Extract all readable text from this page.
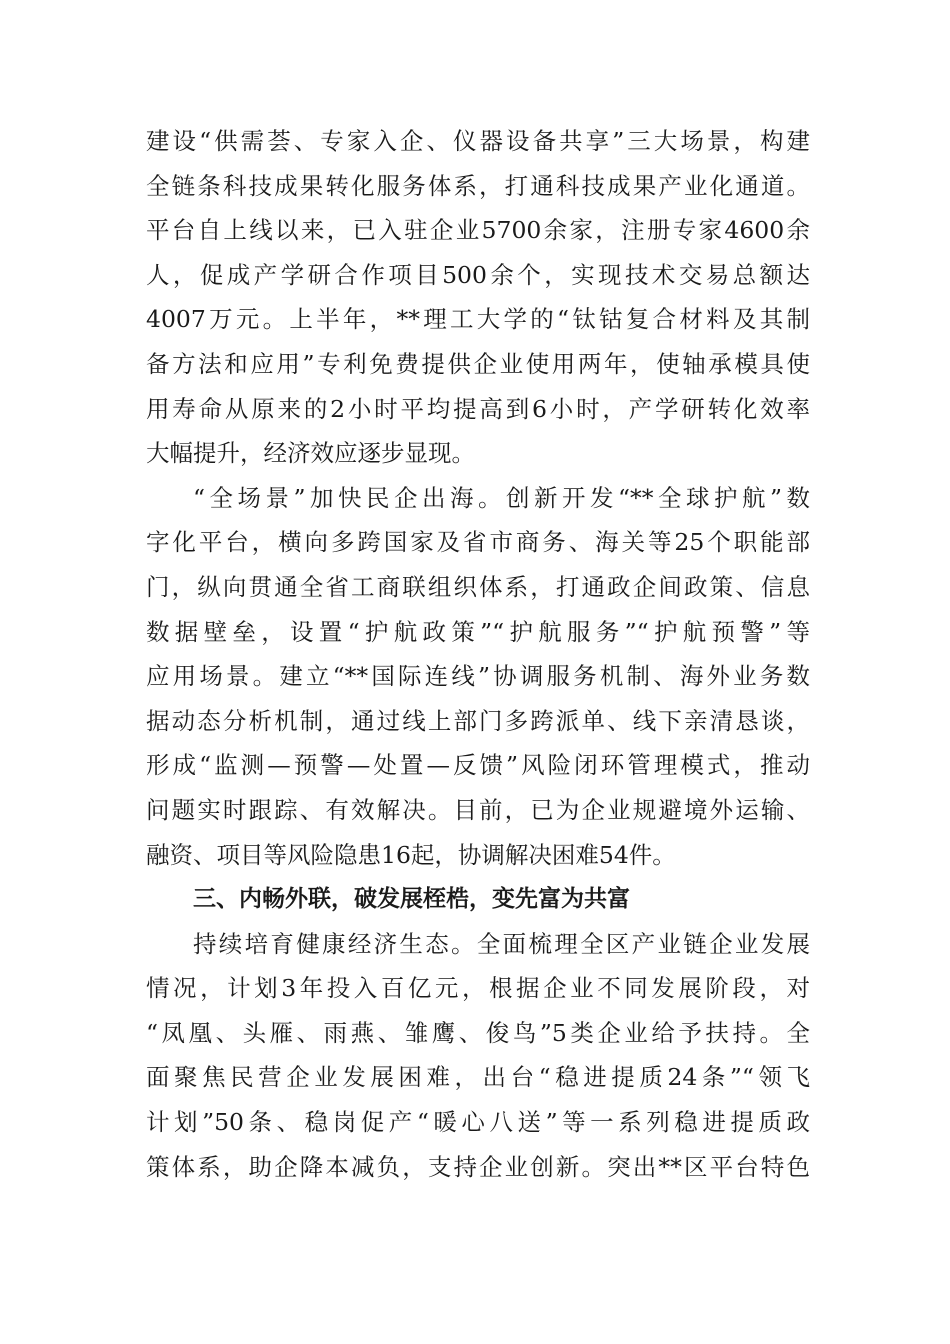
建设“供需荟、专家入企、仪器设备共享”三大场景，构建
全链条科技成果转化服务体系，打通科技成果产业化通道。
平台自上线以来，已入驻企业5700余家，注册专家4600余
人，促成产学研合作项目500余个，实现技术交易总额达
4007万元。上半年，**理工大学的“钛钴复合材料及其制
备方法和应用”专利免费提供企业使用两年，使轴承模具使
用寿命从原来的2小时平均提高到6小时，产学研转化效率
大幅提升，经济效应逐步显现。
“全场景”加快民企出海。创新开发“**全球护航”数
字化平台，横向多跨国家及省市商务、海关等25个职能部
门，纵向贯通全省工商联组织体系，打通政企间政策、信息
数据壁垒，设置“护航政策”“护航服务”“护航预警”等
应用场景。建立“**国际连线”协调服务机制、海外业务数
据动态分析机制，通过线上部门多跨派单、线下亲清恳谈，
形成“监测—预警—处置—反馈”风险闭环管理模式，推动
问题实时跟踪、有效解决。目前，已为企业规避境外运输、
融资、项目等风险隐患16起，协调解决困难54件。
三、内畅外联，破发展桎梏，变先富为共富
持续培育健康经济生态。全面梳理全区产业链企业发展
情况，计划3年投入百亿元，根据企业不同发展阶段，对
“凤凰、头雁、雨燕、雏鹰、俊鸟”5类企业给予扶持。全
面聚焦民营企业发展困难，出台“稳进提质24条”“领飞
计划”50条、稳岗促产“暖心八送”等一系列稳进提质政
策体系，助企降本减负，支持企业创新。突出**区平台特色
